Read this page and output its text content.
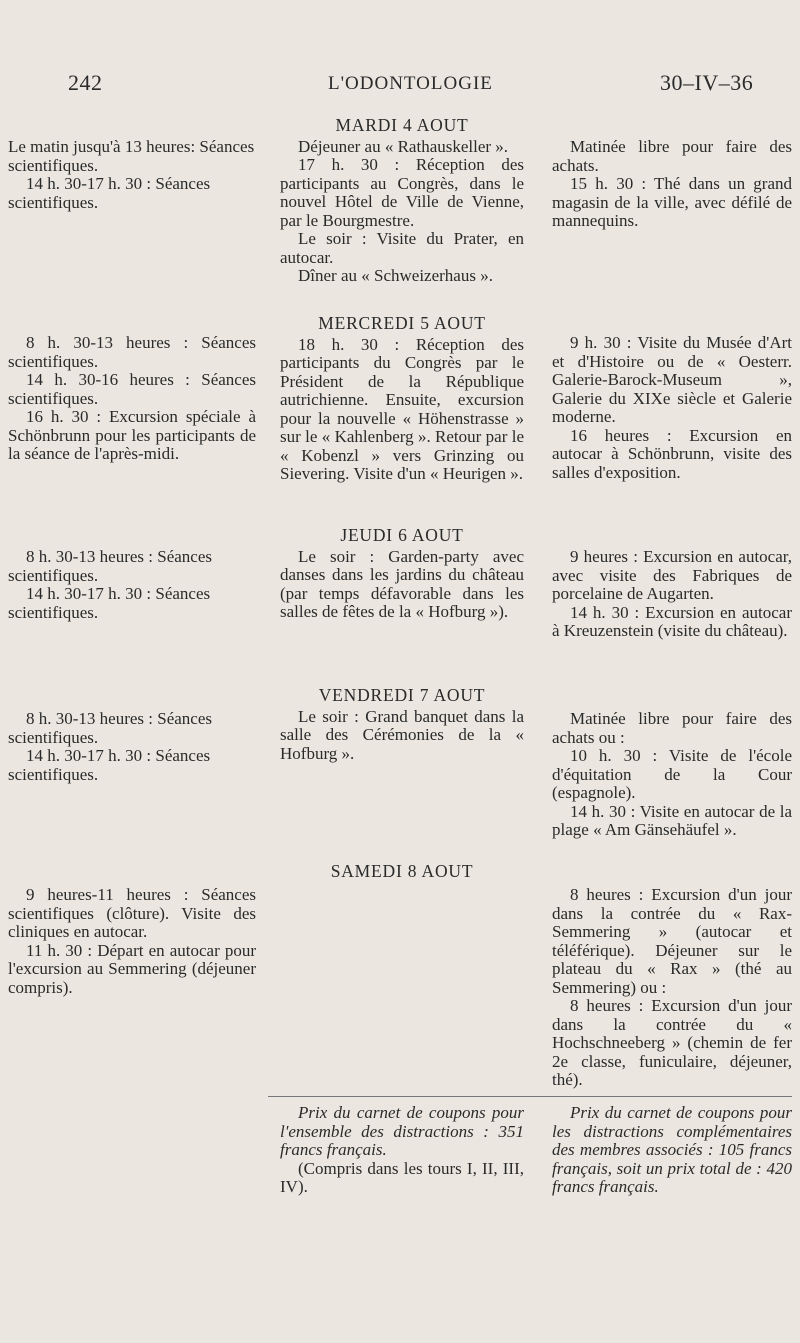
242	L'ODONTOLOGIE	30–IV–36

Le matin jusqu'à 13 heures: Séances scientifiques.

14 h. 30-17 h. 30 : Séances scientifiques.

8 h. 30-13 heures : Séances scientifiques.

14 h. 30-16 heures : Séances scientifiques.

16 h. 30 : Excursion spéciale à Schönbrunn pour les participants de la séance de l'après-midi.

8 h. 30-13 heures : Séances scientifiques.

14 h. 30-17 h. 30 : Séances scientifiques.

8 h. 30-13 heures : Séances scientifiques.

14 h. 30-17 h. 30 : Séances scientifiques.

9 heures-11 heures : Séances scientifiques (clôture). Visite des cliniques en autocar.

11 h. 30 : Départ en autocar pour l'excursion au Semmering (déjeuner compris).

MARDI 4 AOUT

Déjeuner au « Rathauskeller ».

17 h. 30 : Réception des participants au Congrès, dans le nouvel Hôtel de Ville de Vienne, par le Bourgmestre.

Le soir : Visite du Prater, en autocar.

Dîner au « Schweizerhaus ».

MERCREDI 5 AOUT

18 h. 30 : Réception des participants du Congrès par le Président de la République autrichienne. Ensuite, excursion pour la nouvelle « Höhenstrasse » sur le « Kahlenberg ». Retour par le « Kobenzl » vers Grinzing ou Sievering. Visite d'un « Heurigen ».

JEUDI 6 AOUT

Le soir : Garden-party avec danses dans les jardins du château (par temps défavorable dans les salles de fêtes de la « Hofburg »).

VENDREDI 7 AOUT

Le soir : Grand banquet dans la salle des Cérémonies de la « Hofburg ».

SAMEDI 8 AOUT

Matinée libre pour faire des achats.

15 h. 30 : Thé dans un grand magasin de la ville, avec défilé de mannequins.

9 h. 30 : Visite du Musée d'Art et d'Histoire ou de « Oesterr. Galerie-Barock-Museum », Galerie du XIXe siècle et Galerie moderne.

16 heures : Excursion en autocar à Schönbrunn, visite des salles d'exposition.

9 heures : Excursion en autocar, avec visite des Fabriques de porcelaine de Augarten.

14 h. 30 : Excursion en autocar à Kreuzenstein (visite du château).

Matinée libre pour faire des achats ou :

10 h. 30 : Visite de l'école d'équitation de la Cour (espagnole).

14 h. 30 : Visite en autocar de la plage « Am Gänsehäufel ».

8 heures : Excursion d'un jour dans la contrée du « Rax-Semmering » (autocar et téléférique). Déjeuner sur le plateau du « Rax » (thé au Semmering) ou :

8 heures : Excursion d'un jour dans la contrée du « Hochschneeberg » (chemin de fer 2e classe, funiculaire, déjeuner, thé).

Prix du carnet de coupons pour l'ensemble des distractions : 351 francs français.

(Compris dans les tours I, II, III, IV).

Prix du carnet de coupons pour les distractions complémentaires des membres associés : 105 francs français, soit un prix total de : 420 francs français.
